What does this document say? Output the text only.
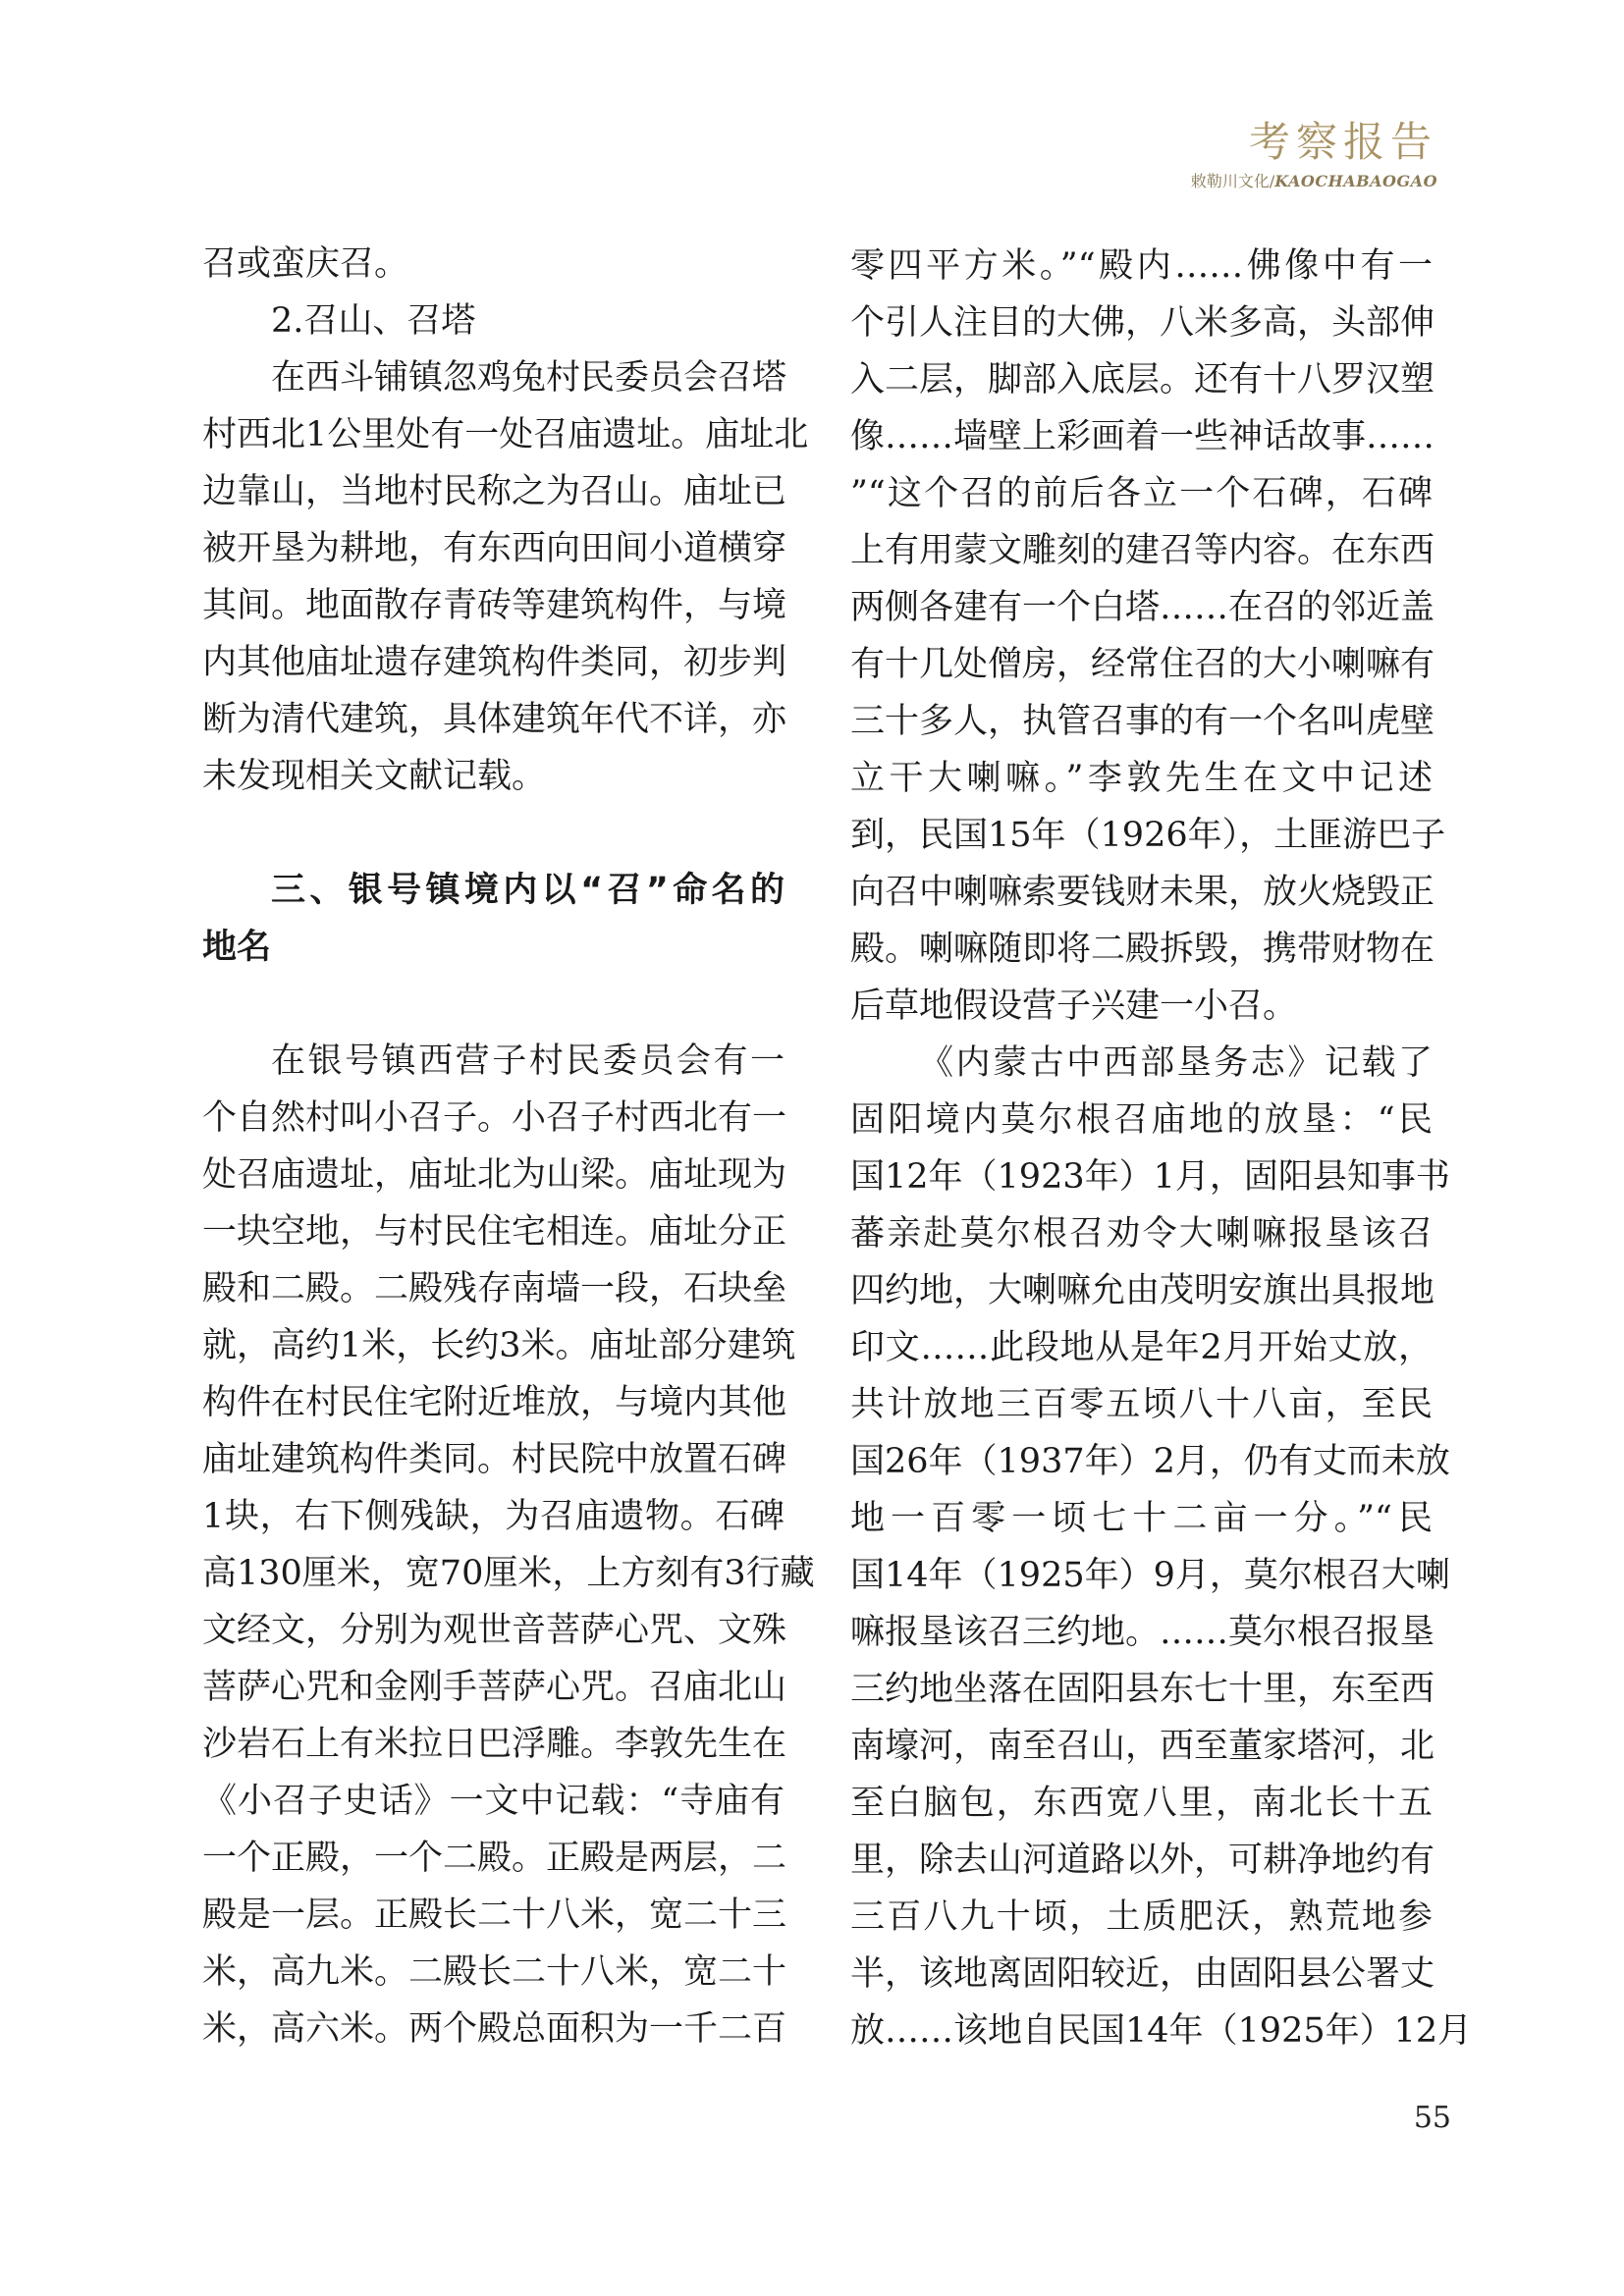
考察报告
敕勒川文化/KAOCHABAOGAO
召或蛮庆召。
2.召山、召塔
在西斗铺镇忽鸡兔村民委员会召塔
村西北1公里处有一处召庙遗址。庙址北
边靠山，当地村民称之为召山。庙址已
被开垦为耕地，有东西向田间小道横穿
其间。地面散存青砖等建筑构件，与境
内其他庙址遗存建筑构件类同，初步判
断为清代建筑，具体建筑年代不详，亦
未发现相关文献记载。
三、银号镇境内以“召”命名的
地名
在银号镇西营子村民委员会有一
个自然村叫小召子。小召子村西北有一
处召庙遗址，庙址北为山梁。庙址现为
一块空地，与村民住宅相连。庙址分正
殿和二殿。二殿残存南墙一段，石块垒
就，高约1米，长约3米。庙址部分建筑
构件在村民住宅附近堆放，与境内其他
庙址建筑构件类同。村民院中放置石碑
1块，右下侧残缺，为召庙遗物。石碑
高130厘米，宽70厘米，上方刻有3行藏
文经文，分别为观世音菩萨心咒、文殊
菩萨心咒和金刚手菩萨心咒。召庙北山
沙岩石上有米拉日巴浮雕。李敦先生在
《小召子史话》一文中记载：“寺庙有
一个正殿，一个二殿。正殿是两层，二
殿是一层。正殿长二十八米，宽二十三
米，高九米。二殿长二十八米，宽二十
米，高六米。两个殿总面积为一千二百
零四平方米。”“殿内……佛像中有一
个引人注目的大佛，八米多高，头部伸
入二层，脚部入底层。还有十八罗汉塑
像……墙壁上彩画着一些神话故事……
”“这个召的前后各立一个石碑，石碑
上有用蒙文雕刻的建召等内容。在东西
两侧各建有一个白塔……在召的邻近盖
有十几处僧房，经常住召的大小喇嘛有
三十多人，执管召事的有一个名叫虎壁
立干大喇嘛。”李敦先生在文中记述
到，民国15年（1926年），土匪游巴子
向召中喇嘛索要钱财未果，放火烧毁正
殿。喇嘛随即将二殿拆毁，携带财物在
后草地假设营子兴建一小召。
《内蒙古中西部垦务志》记载了
固阳境内莫尔根召庙地的放垦：“民
国12年（1923年）1月，固阳县知事书
蕃亲赴莫尔根召劝令大喇嘛报垦该召
四约地，大喇嘛允由茂明安旗出具报地
印文……此段地从是年2月开始丈放，
共计放地三百零五顷八十八亩，至民
国26年（1937年）2月，仍有丈而未放
地一百零一顷七十二亩一分。”“民
国14年（1925年）9月，莫尔根召大喇
嘛报垦该召三约地。……莫尔根召报垦
三约地坐落在固阳县东七十里，东至西
南壕河，南至召山，西至董家塔河，北
至白脑包，东西宽八里，南北长十五
里，除去山河道路以外，可耕净地约有
三百八九十顷，土质肥沃，熟荒地参
半，该地离固阳较近，由固阳县公署丈
放……该地自民国14年（1925年）12月
55
